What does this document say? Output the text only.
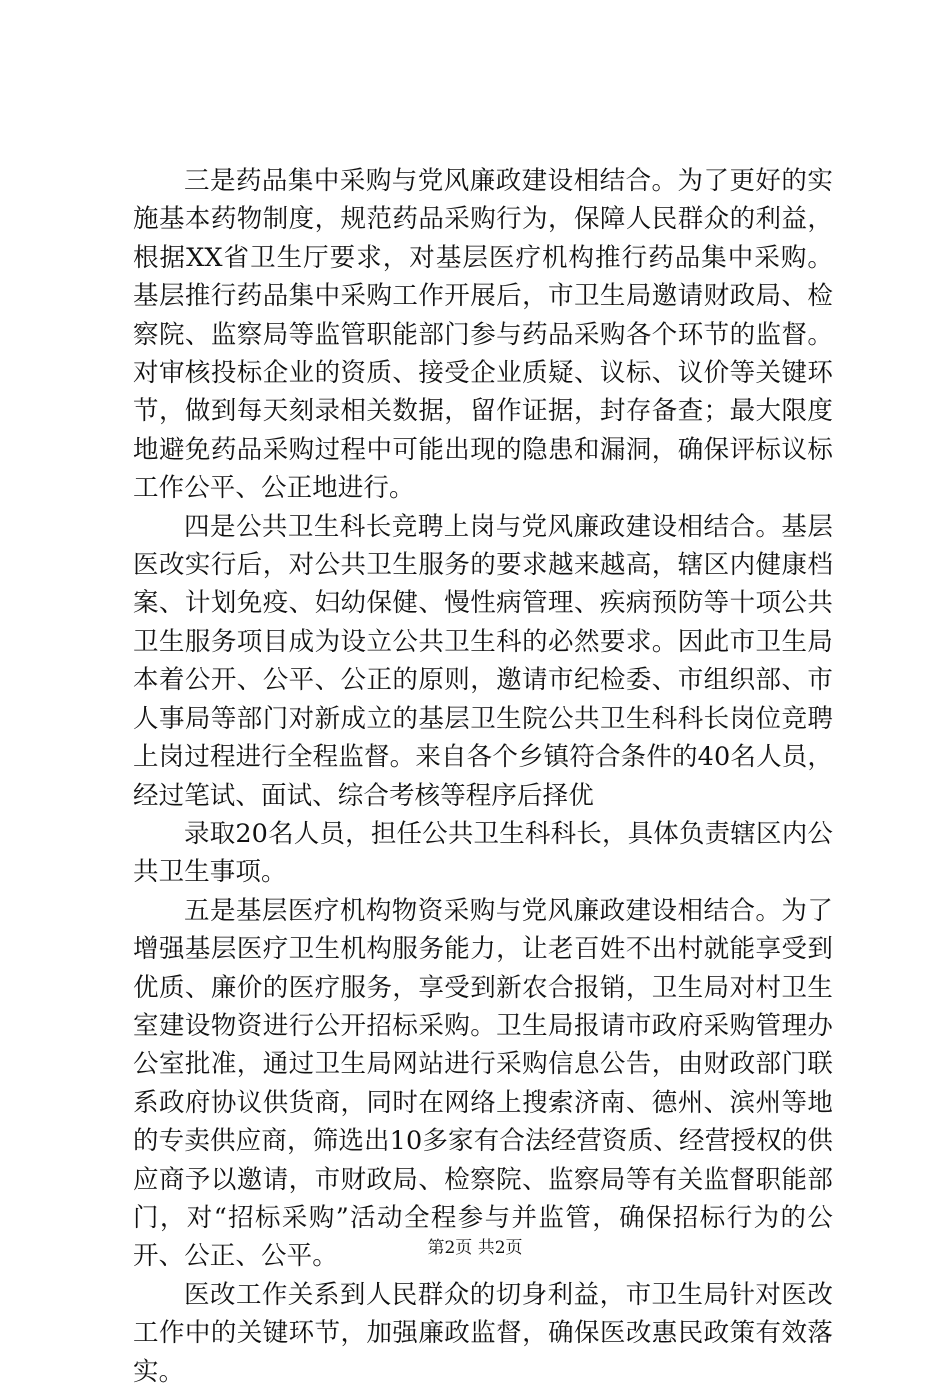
三是药品集中采购与党风廉政建设相结合。为了更好的实施基本药物制度，规范药品采购行为，保障人民群众的利益，根据XX省卫生厅要求，对基层医疗机构推行药品集中采购。基层推行药品集中采购工作开展后，市卫生局邀请财政局、检察院、监察局等监管职能部门参与药品采购各个环节的监督。对审核投标企业的资质、接受企业质疑、议标、议价等关键环节，做到每天刻录相关数据，留作证据，封存备查；最大限度地避免药品采购过程中可能出现的隐患和漏洞，确保评标议标工作公平、公正地进行。

四是公共卫生科长竞聘上岗与党风廉政建设相结合。基层医改实行后，对公共卫生服务的要求越来越高，辖区内健康档案、计划免疫、妇幼保健、慢性病管理、疾病预防等十项公共卫生服务项目成为设立公共卫生科的必然要求。因此市卫生局本着公开、公平、公正的原则，邀请市纪检委、市组织部、市人事局等部门对新成立的基层卫生院公共卫生科科长岗位竞聘上岗过程进行全程监督。来自各个乡镇符合条件的40名人员，经过笔试、面试、综合考核等程序后择优

录取20名人员，担任公共卫生科科长，具体负责辖区内公共卫生事项。

五是基层医疗机构物资采购与党风廉政建设相结合。为了增强基层医疗卫生机构服务能力，让老百姓不出村就能享受到优质、廉价的医疗服务，享受到新农合报销，卫生局对村卫生室建设物资进行公开招标采购。卫生局报请市政府采购管理办公室批准，通过卫生局网站进行采购信息公告，由财政部门联系政府协议供货商，同时在网络上搜索济南、德州、滨州等地的专卖供应商，筛选出10多家有合法经营资质、经营授权的供应商予以邀请，市财政局、检察院、监察局等有关监督职能部门，对“招标采购”活动全程参与并监管，确保招标行为的公开、公正、公平。

医改工作关系到人民群众的切身利益，市卫生局针对医改工作中的关键环节，加强廉政监督，确保医改惠民政策有效落实。

第2页 共2页
